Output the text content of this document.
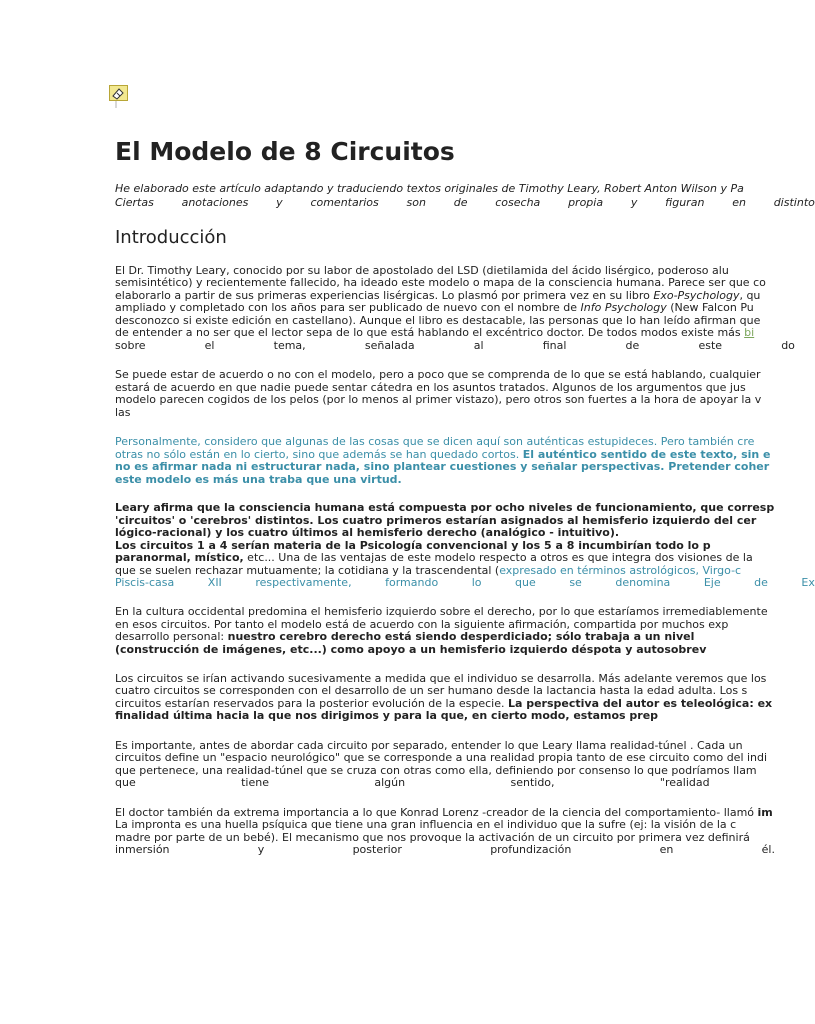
El Modelo de 8 Circuitos
He elaborado este artículo adaptando y traduciendo textos originales de Timothy Leary, Robert Anton Wilson y Pa
Ciertas	anotaciones	y	comentarios	son	de	cosecha	propia	y	figuran	en	distinto
Introducción
El Dr. Timothy Leary, conocido por su labor de apostolado del LSD (dietilamida del ácido lisérgico, poderoso alu
semisintético) y recientemente fallecido, ha ideado este modelo o mapa de la consciencia humana. Parece ser que co
elaborarlo a partir de sus primeras experiencias lisérgicas. Lo plasmó por primera vez en su libro Exo-Psychology, qu
ampliado y completado con los años para ser publicado de nuevo con el nombre de Info Psychology (New Falcon Pu
desconozco si existe edición en castellano). Aunque el libro es destacable, las personas que lo han leído afirman que
de entender a no ser que el lector sepa de lo que está hablando el excéntrico doctor. De todos modos existe más bi
sobre	el	tema,	señalada	al	final	de	este	do
Se puede estar de acuerdo o no con el modelo, pero a poco que se comprenda de lo que se está hablando, cualquier
estará de acuerdo en que nadie puede sentar cátedra en los asuntos tratados. Algunos de los argumentos que jus
modelo parecen cogidos de los pelos (por lo menos al primer vistazo), pero otros son fuertes a la hora de apoyar la v
las
Personalmente, considero que algunas de las cosas que se dicen aquí son auténticas estupideces. Pero también cre
otras no sólo están en lo cierto, sino que además se han quedado cortos. El auténtico sentido de este texto, sin e
no es afirmar nada ni estructurar nada, sino plantear cuestiones y señalar perspectivas. Pretender coher
este modelo es más una traba que una virtud.
Leary afirma que la consciencia humana está compuesta por ocho niveles de funcionamiento, que corresp
'circuitos' o 'cerebros' distintos. Los cuatro primeros estarían asignados al hemisferio izquierdo del cer
lógico-racional) y los cuatro últimos al hemisferio derecho (analógico - intuitivo).
Los circuitos 1 a 4 serían materia de la Psicología convencional y los 5 a 8 incumbirían todo lo p
paranormal, místico, etc... Una de las ventajas de este modelo respecto a otros es que integra dos visiones de la
que se suelen rechazar mutuamente; la cotidiana y la trascendental (expresado en términos astrológicos, Virgo-c
Piscis-casa	XII	respectivamente,	formando	lo	que	se	denomina	Eje	de	Ex
En la cultura occidental predomina el hemisferio izquierdo sobre el derecho, por lo que estaríamos irremediablemente
en esos circuitos. Por tanto el modelo está de acuerdo con la siguiente afirmación, compartida por muchos exp
desarrollo personal: nuestro cerebro derecho está siendo desperdiciado; sólo trabaja a un nivel
(construcción de imágenes, etc...) como apoyo a un hemisferio izquierdo déspota y autosobrev
Los circuitos se irían activando sucesivamente a medida que el individuo se desarrolla. Más adelante veremos que los
cuatro circuitos se corresponden con el desarrollo de un ser humano desde la lactancia hasta la edad adulta. Los s
circuitos estarían reservados para la posterior evolución de la especie. La perspectiva del autor es teleológica: ex
finalidad última hacia la que nos dirigimos y para la que, en cierto modo, estamos prep
Es importante, antes de abordar cada circuito por separado, entender lo que Leary llama realidad-túnel . Cada un
circuitos define un "espacio neurológico" que se corresponde a una realidad propia tanto de ese circuito como del indi
que pertenece, una realidad-túnel que se cruza con otras como ella, definiendo por consenso lo que podríamos llam
que	tiene	algún	sentido,	"realidad
El doctor también da extrema importancia a lo que Konrad Lorenz -creador de la ciencia del comportamiento- llamó im
La impronta es una huella psíquica que tiene una gran influencia en el individuo que la sufre (ej: la visión de la c
madre por parte de un bebé). El mecanismo que nos provoque la activación de un circuito por primera vez definirá
inmersión	y	posterior	profundización	en	él.
